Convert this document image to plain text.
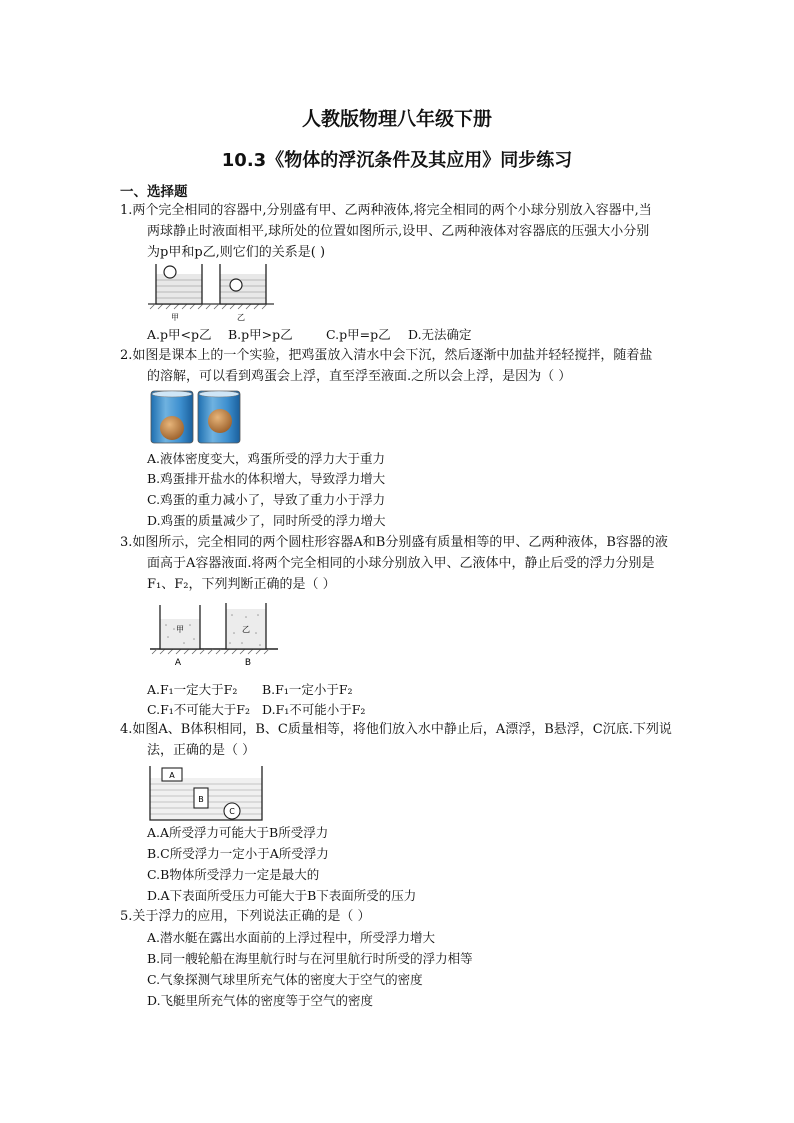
人教版物理八年级下册
10.3《物体的浮沉条件及其应用》同步练习
一、选择题
1.两个完全相同的容器中,分别盛有甲、乙两种液体,将完全相同的两个小球分别放入容器中,当
两球静止时液面相平,球所处的位置如图所示,设甲、乙两种液体对容器底的压强大小分别
为p甲和p乙,则它们的关系是( )
甲	乙
A.p甲<p乙 B.p甲>p乙	C.p甲=p乙 D.无法确定
2.如图是课本上的一个实验，把鸡蛋放入清水中会下沉，然后逐渐中加盐并轻轻搅拌，随着盐
的溶解，可以看到鸡蛋会上浮，直至浮至液面.之所以会上浮，是因为（ ）
A.液体密度变大，鸡蛋所受的浮力大于重力
B.鸡蛋排开盐水的体积增大，导致浮力增大
C.鸡蛋的重力减小了，导致了重力小于浮力
D.鸡蛋的质量减少了，同时所受的浮力增大
3.如图所示，完全相同的两个圆柱形容器A和B分别盛有质量相等的甲、乙两种液体，B容器的液
面高于A容器液面.将两个完全相同的小球分别放入甲、乙液体中，静止后受的浮力分别是
F₁、F₂，下列判断正确的是（ ）
甲	乙
A	B
A.F₁一定大于F₂ B.F₁一定小于F₂
C.F₁不可能大于F₂ D.F₁不可能小于F₂
4.如图A、B体积相同，B、C质量相等，将他们放入水中静止后，A漂浮，B悬浮，C沉底.下列说
法，正确的是（ ）
A
B
C
A.A所受浮力可能大于B所受浮力
B.C所受浮力一定小于A所受浮力
C.B物体所受浮力一定是最大的
D.A下表面所受压力可能大于B下表面所受的压力
5.关于浮力的应用，下列说法正确的是（ ）
A.潜水艇在露出水面前的上浮过程中，所受浮力增大
B.同一艘轮船在海里航行时与在河里航行时所受的浮力相等
C.气象探测气球里所充气体的密度大于空气的密度
D.飞艇里所充气体的密度等于空气的密度
